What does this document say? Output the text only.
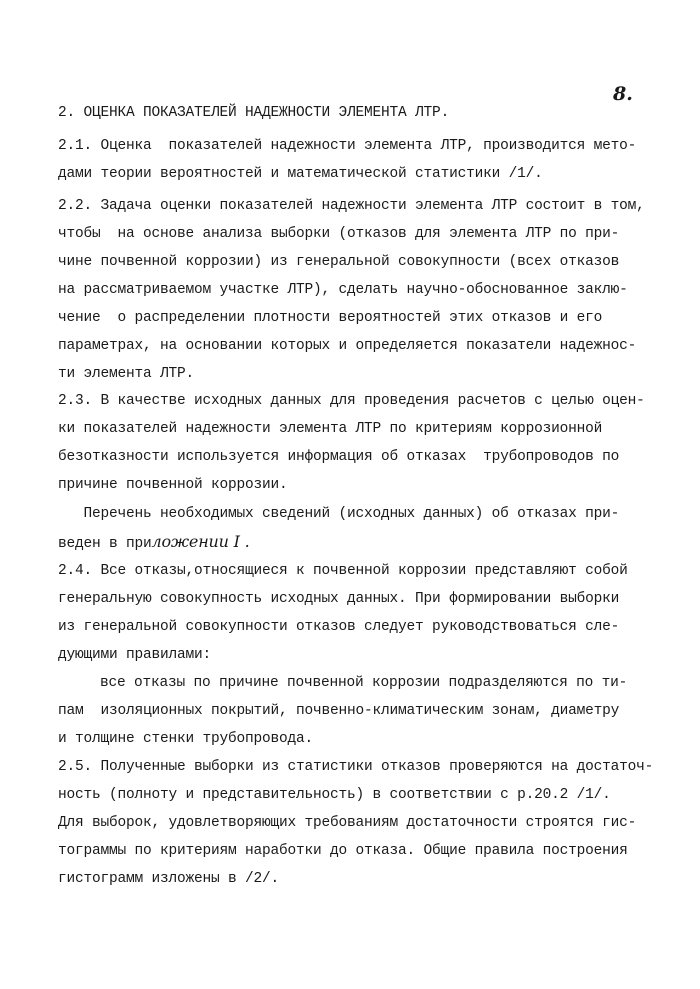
8.
2. ОЦЕНКА ПОКАЗАТЕЛЕЙ НАДЕЖНОСТИ ЭЛЕМЕНТА ЛТР.
2.1. Оценка  показателей надежности элемента ЛТР, производится мето-
дами теории вероятностей и математической статистики /1/.
2.2. Задача оценки показателей надежности элемента ЛТР состоит в том,
чтобы  на основе анализа выборки (отказов для элемента ЛТР по при-
чине почвенной коррозии) из генеральной совокупности (всех отказов
на рассматриваемом участке ЛТР), сделать научно-обоснованное заклю-
чение  о распределении плотности вероятностей этих отказов и его
параметрах, на основании которых и определяется показатели надежнос-
ти элемента ЛТР.
2.3. В качестве исходных данных для проведения расчетов с целью оцен-
ки показателей надежности элемента ЛТР по критериям коррозионной
безотказности используется информация об отказах  трубопроводов по
причине почвенной коррозии.
Перечень необходимых сведений (исходных данных) об отказах при-
веден в приложении I .
2.4. Все отказы,относящиеся к почвенной коррозии представляют собой
генеральную совокупность исходных данных. При формировании выборки
из генеральной совокупности отказов следует руководствоваться сле-
дующими правилами:
все отказы по причине почвенной коррозии подразделяются по ти-
пам  изоляционных покрытий, почвенно-климатическим зонам, диаметру
и толщине стенки трубопровода.
2.5. Полученные выборки из статистики отказов проверяются на достаточ-
ность (полноту и представительность) в соответствии с р.20.2 /1/.
Для выборок, удовлетворяющих требованиям достаточности строятся гис-
тограммы по критериям наработки до отказа. Общие правила построения
гистограмм изложены в /2/.
